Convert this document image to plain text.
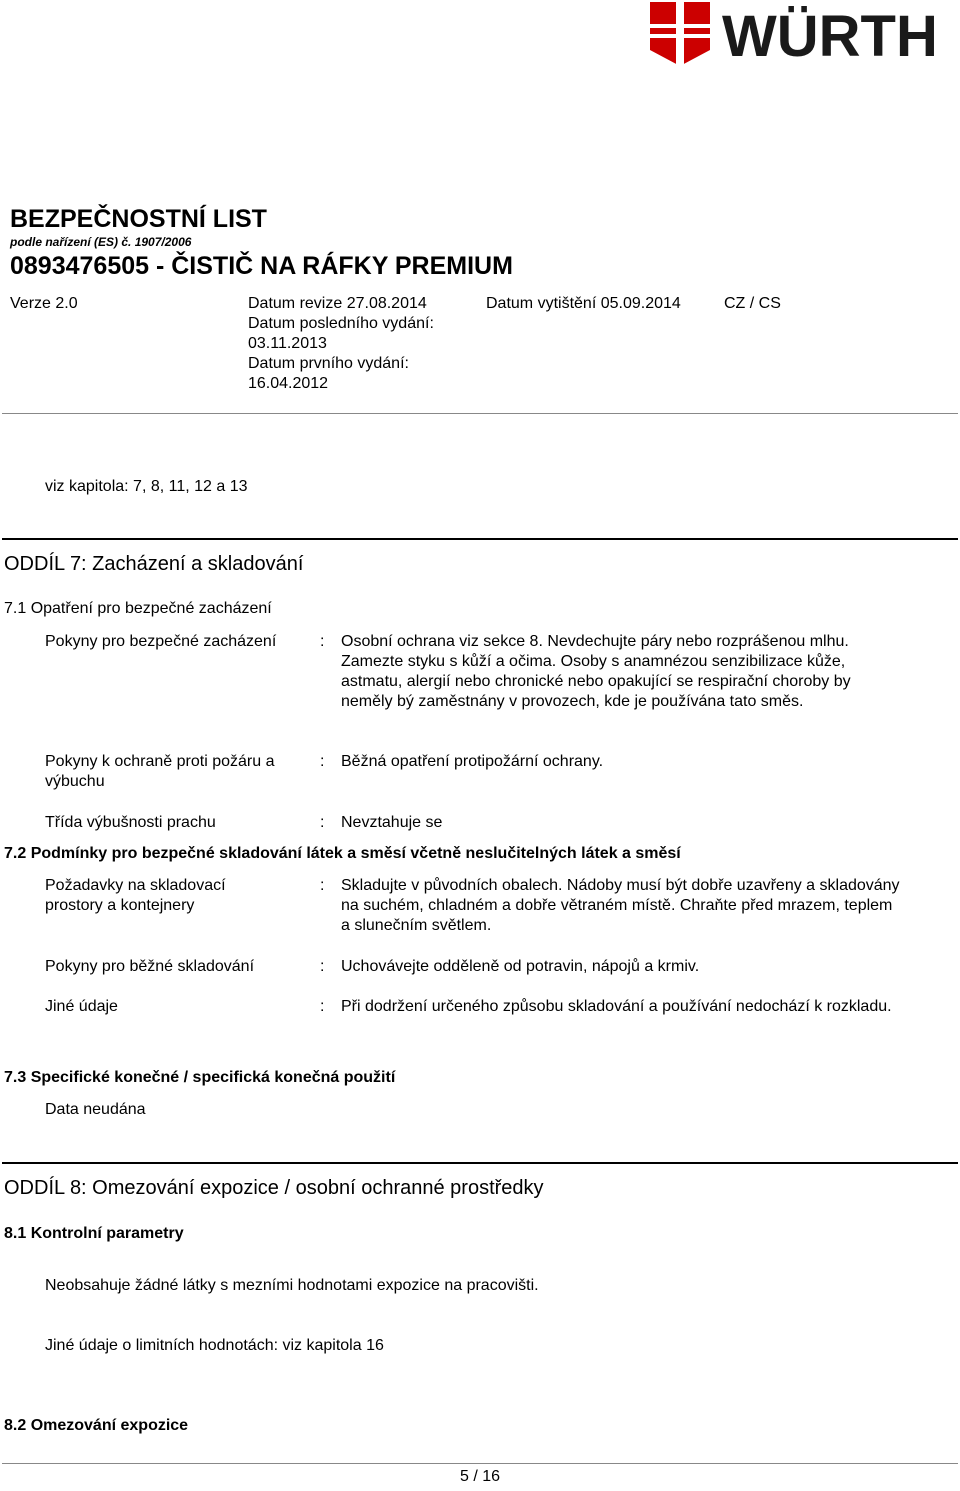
WÜRTH
BEZPEČNOSTNÍ LIST
podle nařízení (ES) č. 1907/2006
0893476505 - ČISTIČ NA RÁFKY PREMIUM
Verze 2.0	Datum revize 27.08.2014
Datum posledního vydání:
03.11.2013
Datum prvního vydání:
16.04.2012
Datum vytištění 05.09.2014	CZ / CS
viz kapitola: 7, 8, 11, 12 a 13
ODDÍL 7: Zacházení a skladování
7.1 Opatření pro bezpečné zacházení
Pokyny pro bezpečné zacházení	: Osobní ochrana viz sekce 8. Nevdechujte páry nebo rozprášenou mlhu. Zamezte styku s kůží a očima. Osoby s anamnézou senzibilizace kůže, astmatu, alergií nebo chronické nebo opakující se respirační choroby by neměly bý zaměstnány v provozech, kde je používána tato směs.
Pokyny k ochraně proti požáru a výbuchu
: Běžná opatření protipožární ochrany.
Třída výbušnosti prachu	: Nevztahuje se
7.2 Podmínky pro bezpečné skladování látek a směsí včetně neslučitelných látek a směsí
Požadavky na skladovací prostory a kontejnery
: Skladujte v původních obalech. Nádoby musí být dobře uzavřeny a skladovány na suchém, chladném a dobře větraném místě. Chraňte před mrazem, teplem a slunečním světlem.
Pokyny pro běžné skladování	: Uchovávejte odděleně od potravin, nápojů a krmiv.
Jiné údaje	: Při dodržení určeného způsobu skladování a používání nedochází k rozkladu.
7.3 Specifické konečné / specifická konečná použití
Data neudána
ODDÍL 8: Omezování expozice / osobní ochranné prostředky
8.1 Kontrolní parametry
Neobsahuje žádné látky s mezními hodnotami expozice na pracovišti.
Jiné údaje o limitních hodnotách: viz kapitola 16
8.2 Omezování expozice
5 / 16
